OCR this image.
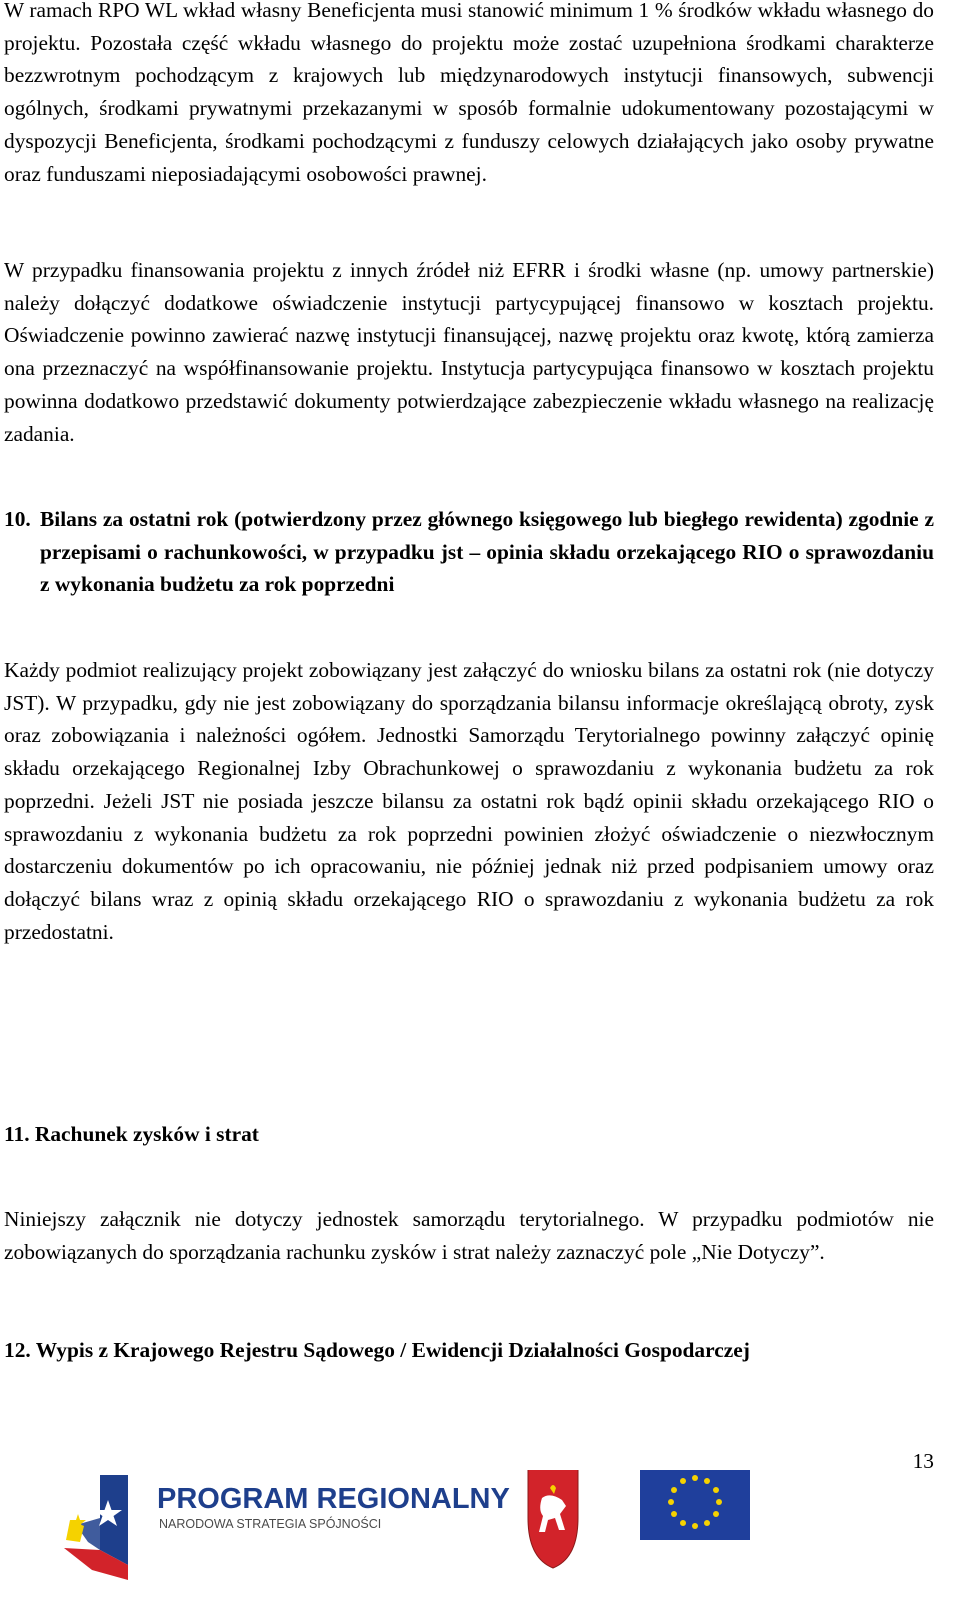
W ramach RPO WL wkład własny Beneficjenta musi stanowić minimum 1 % środków wkładu własnego do projektu. Pozostała część wkładu własnego do projektu może zostać uzupełniona środkami charakterze bezzwrotnym pochodzącym z krajowych lub międzynarodowych instytucji finansowych, subwencji ogólnych, środkami prywatnymi przekazanymi w sposób formalnie udokumentowany pozostającymi w dyspozycji Beneficjenta, środkami pochodzącymi z funduszy celowych działających jako osoby prywatne oraz funduszami nieposiadającymi osobowości prawnej.

W przypadku finansowania projektu z innych źródeł niż EFRR i środki własne (np. umowy partnerskie) należy dołączyć dodatkowe oświadczenie instytucji partycypującej finansowo w kosztach projektu. Oświadczenie powinno zawierać nazwę instytucji finansującej, nazwę projektu oraz kwotę, którą zamierza ona przeznaczyć na współfinansowanie projektu. Instytucja partycypująca finansowo w kosztach projektu powinna dodatkowo przedstawić dokumenty potwierdzające zabezpieczenie wkładu własnego na realizację zadania.

10. Bilans za ostatni rok (potwierdzony przez głównego księgowego lub biegłego rewidenta) zgodnie z przepisami o rachunkowości, w przypadku jst – opinia składu orzekającego RIO o sprawozdaniu z wykonania budżetu za rok poprzedni

Każdy podmiot realizujący projekt zobowiązany jest załączyć do wniosku bilans za ostatni rok (nie dotyczy JST). W przypadku, gdy nie jest zobowiązany do sporządzania bilansu informacje określającą obroty, zysk oraz zobowiązania i należności ogółem. Jednostki Samorządu Terytorialnego powinny załączyć opinię składu orzekającego Regionalnej Izby Obrachunkowej o sprawozdaniu z wykonania budżetu za rok poprzedni. Jeżeli JST nie posiada jeszcze bilansu za ostatni rok bądź opinii składu orzekającego RIO o sprawozdaniu z wykonania budżetu za rok poprzedni powinien złożyć oświadczenie o niezwłocznym dostarczeniu dokumentów po ich opracowaniu, nie później jednak niż przed podpisaniem umowy oraz dołączyć bilans wraz z opinią składu orzekającego RIO o sprawozdaniu z wykonania budżetu za rok przedostatni.

11. Rachunek zysków i strat

Niniejszy załącznik nie dotyczy jednostek samorządu terytorialnego. W przypadku podmiotów nie zobowiązanych do sporządzania rachunku zysków i strat należy zaznaczyć pole „Nie Dotyczy”.

12. Wypis z Krajowego Rejestru Sądowego / Ewidencji Działalności Gospodarczej
13
PROGRAM REGIONALNY
NARODOWA STRATEGIA SPÓJNOŚCI
